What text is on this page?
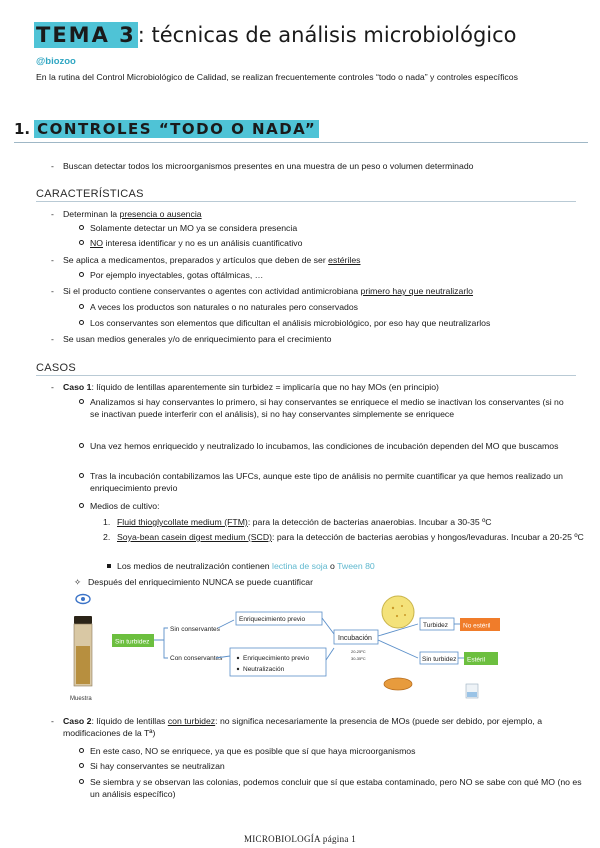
TEMA 3: técnicas de análisis microbiológico
@biozoo
En la rutina del Control Microbiológico de Calidad, se realizan frecuentemente controles “todo o nada” y controles específicos
1. CONTROLES “TODO O NADA”
- Buscan detectar todos los microorganismos presentes en una muestra de un peso o volumen determinado
CARACTERÍSTICAS
- Determinan la presencia o ausencia
Solamente detectar un MO ya se considera presencia
NO interesa identificar y no es un análisis cuantificativo
- Se aplica a medicamentos, preparados y artículos que deben de ser estériles
Por ejemplo inyectables, gotas oftálmicas, …
- Si el producto contiene conservantes o agentes con actividad antimicrobiana primero hay que neutralizarlo
A veces los productos son naturales o no naturales pero conservados
Los conservantes son elementos que dificultan el análisis microbiológico, por eso hay que neutralizarlos
- Se usan medios generales y/o de enriquecimiento para el crecimiento
CASOS
- Caso 1: líquido de lentillas aparentemente sin turbidez = implicaría que no hay MOs (en principio)
Analizamos si hay conservantes lo primero, si hay conservantes se enriquece el medio se inactivan los conservantes (si no se inactivan puede interferir con el análisis), si no hay conservantes simplemente se enriquece
Una vez hemos enriquecido y neutralizado lo incubamos, las condiciones de incubación dependen del MO que buscamos
Tras la incubación contabilizamos las UFCs, aunque este tipo de análisis no permite cuantificar ya que hemos realizado un enriquecimiento previo
Medios de cultivo:
1. Fluid thioglycollate medium (FTM): para la detección de bacterias anaerobias. Incubar a 30-35 ºC
2. Soya-bean casein digest medium (SCD): para la detección de bacterias aerobias y hongos/levaduras. Incubar a 20-25 ºC
Los medios de neutralización contienen lectina de soja o Tween 80
✧ Después del enriquecimiento NUNCA se puede cuantificar
Muestra
Sin turbidez
Sin conservantes
Con conservantes
Enriquecimiento previo
Enriquecimiento previo
Neutralización
Incubación
20-25ºC
30-35ºC
Turbidez No estéril
Sin turbidez Estéril
- Caso 2: líquido de lentillas con turbidez: no significa necesariamente la presencia de MOs (puede ser debido, por ejemplo, a modificaciones de la Tª)
En este caso, NO se enriquece, ya que es posible que sí que haya microorganismos
Si hay conservantes se neutralizan
Se siembra y se observan las colonias, podemos concluir que sí que estaba contaminado, pero NO se sabe con qué MO (no es un análisis específico)
MICROBIOLOGÍA página 1
